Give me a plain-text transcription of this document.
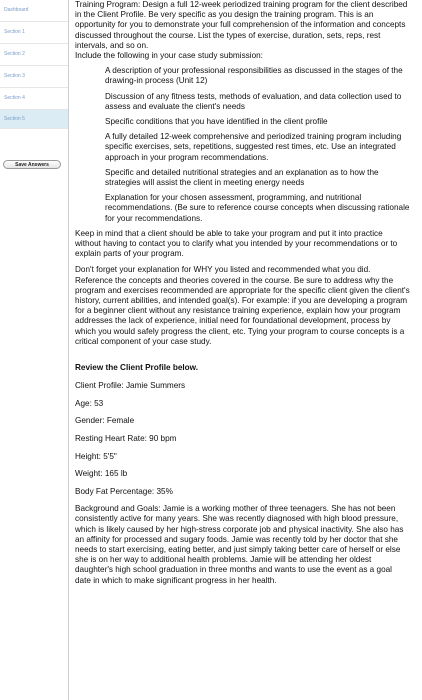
Dashboard
Section 1
Section 2
Section 3
Section 4
Section 5
Save Answers

Training Program: Design a full 12-week periodized training program for the client described in the Client Profile. Be very specific as you design the training program. This is an opportunity for you to demonstrate your full comprehension of the information and concepts discussed throughout the course. List the types of exercise, duration, sets, reps, rest intervals, and so on.

Include the following in your case study submission:

A description of your professional responsibilities as discussed in the stages of the drawing-in process (Unit 12)
Discussion of any fitness tests, methods of evaluation, and data collection used to assess and evaluate the client's needs
Specific conditions that you have identified in the client profile
A fully detailed 12-week comprehensive and periodized training program including specific exercises, sets, repetitions, suggested rest times, etc. Use an integrated approach in your program recommendations.
Specific and detailed nutritional strategies and an explanation as to how the strategies will assist the client in meeting energy needs
Explanation for your chosen assessment, programming, and nutritional recommendations. (Be sure to reference course concepts when discussing rationale for your recommendations.

Keep in mind that a client should be able to take your program and put it into practice without having to contact you to clarify what you intended by your recommendations or to explain parts of your program.

Don't forget your explanation for WHY you listed and recommended what you did. Reference the concepts and theories covered in the course. Be sure to address why the program and exercises recommended are appropriate for the specific client given the client's history, current abilities, and intended goal(s). For example: if you are developing a program for a beginner client without any resistance training experience, explain how your program addresses the lack of experience, initial need for foundational development, process by which you would safely progress the client, etc. Tying your program to course concepts is a critical component of your case study.

Review the Client Profile below.

Client Profile: Jamie Summers

Age: 53

Gender: Female

Resting Heart Rate: 90 bpm

Height: 5'5"

Weight: 165 lb

Body Fat Percentage: 35%

Background and Goals: Jamie is a working mother of three teenagers. She has not been consistently active for many years. She was recently diagnosed with high blood pressure, which is likely caused by her high-stress corporate job and physical inactivity. She also has an affinity for processed and sugary foods. Jamie was recently told by her doctor that she needs to start exercising, eating better, and just simply taking better care of herself or else she is on her way to additional health problems. Jamie will be attending her oldest daughter's high school graduation in three months and wants to use the event as a goal date in which to make significant progress in her health.
